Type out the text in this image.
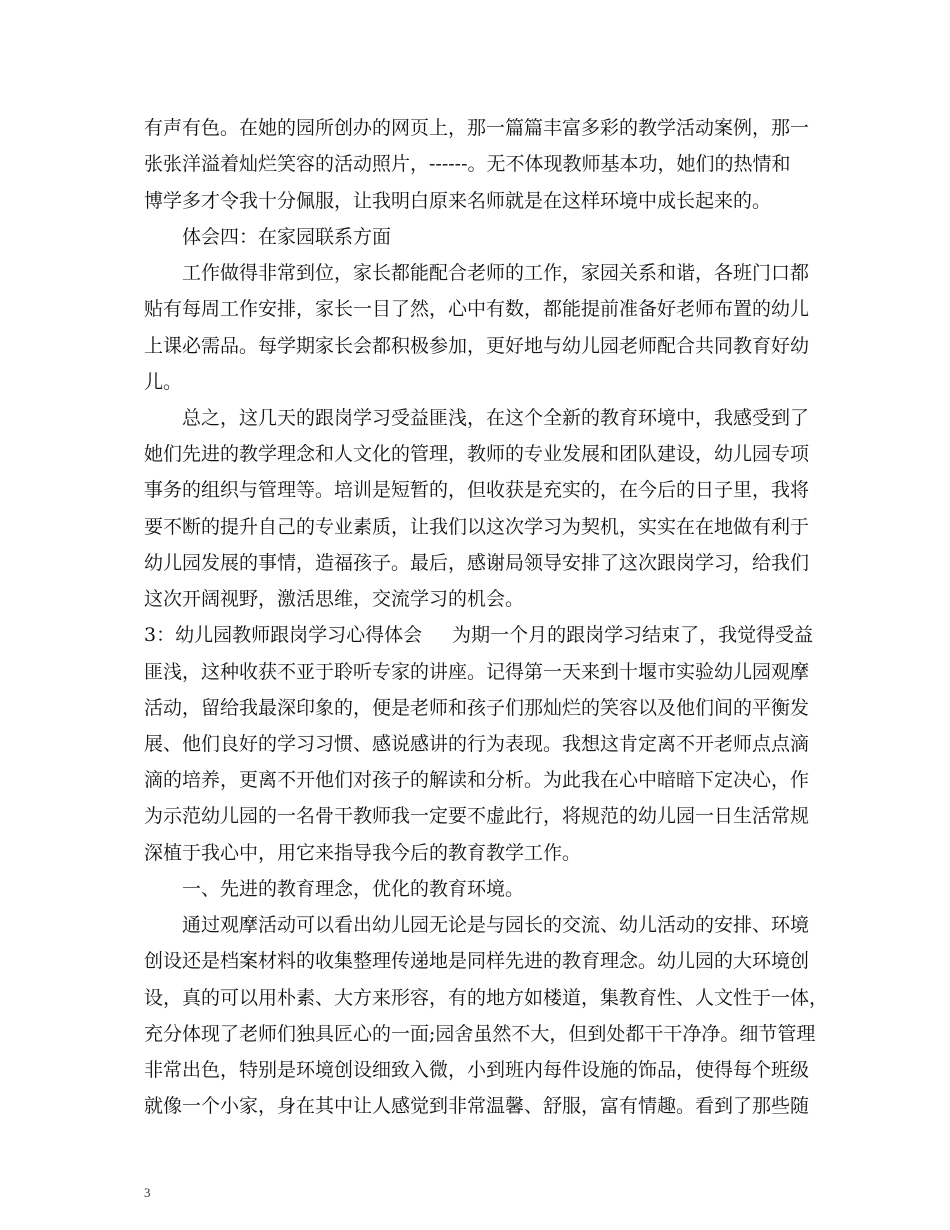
有声有色。在她的园所创办的网页上，那一篇篇丰富多彩的教学活动案例，那一
张张洋溢着灿烂笑容的活动照片，------。无不体现教师基本功，她们的热情和
博学多才令我十分佩服，让我明白原来名师就是在这样环境中成长起来的。
体会四：在家园联系方面
工作做得非常到位，家长都能配合老师的工作，家园关系和谐，各班门口都
贴有每周工作安排，家长一目了然，心中有数，都能提前准备好老师布置的幼儿
上课必需品。每学期家长会都积极参加，更好地与幼儿园老师配合共同教育好幼
儿。
总之，这几天的跟岗学习受益匪浅，在这个全新的教育环境中，我感受到了
她们先进的教学理念和人文化的管理，教师的专业发展和团队建设，幼儿园专项
事务的组织与管理等。培训是短暂的，但收获是充实的，在今后的日子里，我将
要不断的提升自己的专业素质，让我们以这次学习为契机，实实在在地做有利于
幼儿园发展的事情，造福孩子。最后，感谢局领导安排了这次跟岗学习，给我们
这次开阔视野，激活思维，交流学习的机会。
3：幼儿园教师跟岗学习心得体会 为期一个月的跟岗学习结束了，我觉得受益
匪浅，这种收获不亚于聆听专家的讲座。记得第一天来到十堰市实验幼儿园观摩
活动，留给我最深印象的，便是老师和孩子们那灿烂的笑容以及他们间的平衡发
展、他们良好的学习习惯、感说感讲的行为表现。我想这肯定离不开老师点点滴
滴的培养，更离不开他们对孩子的解读和分析。为此我在心中暗暗下定决心，作
为示范幼儿园的一名骨干教师我一定要不虚此行，将规范的幼儿园一日生活常规
深植于我心中，用它来指导我今后的教育教学工作。
一、先进的教育理念，优化的教育环境。
通过观摩活动可以看出幼儿园无论是与园长的交流、幼儿活动的安排、环境
创设还是档案材料的收集整理传递地是同样先进的教育理念。幼儿园的大环境创
设，真的可以用朴素、大方来形容，有的地方如楼道，集教育性、人文性于一体，
充分体现了老师们独具匠心的一面;园舍虽然不大，但到处都干干净净。细节管理
非常出色，特别是环境创设细致入微，小到班内每件设施的饰品，使得每个班级
就像一个小家，身在其中让人感觉到非常温馨、舒服，富有情趣。看到了那些随
3
